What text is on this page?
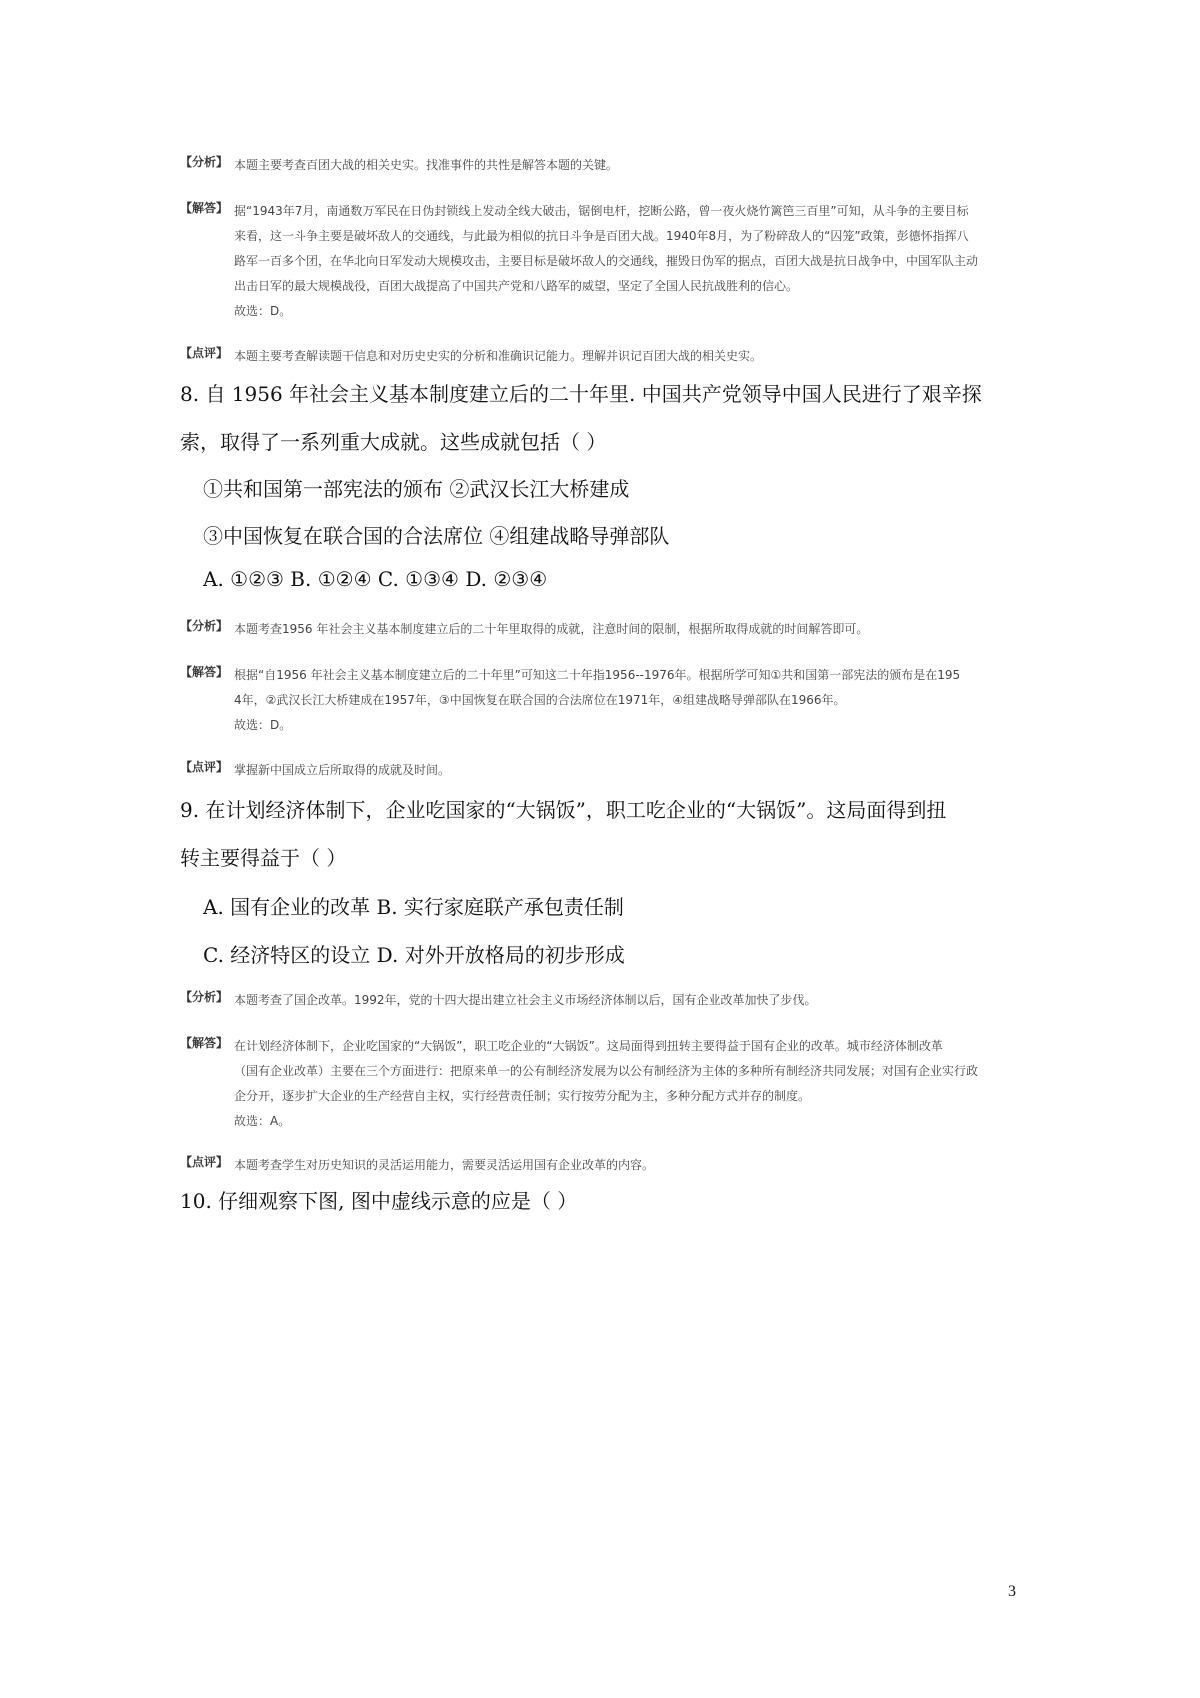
【分析】 本题主要考查百团大战的相关史实。找准事件的共性是解答本题的关键。
【解答】 据“1943年7月，南通数万军民在日伪封锁线上发动全线大破击，锯倒电杆，挖断公路，曾一夜火烧竹篱笆三百里”可知，从斗争的主要目标
来看，这一斗争主要是破坏敌人的交通线，与此最为相似的抗日斗争是百团大战。1940年8月，为了粉碎敌人的“囚笼”政策，彭德怀指挥八
路军一百多个团，在华北向日军发动大规模攻击，主要目标是破坏敌人的交通线，摧毁日伪军的据点，百团大战是抗日战争中，中国军队主动
出击日军的最大规模战役，百团大战提高了中国共产党和八路军的威望，坚定了全国人民抗战胜利的信心。
故选：D。
【点评】 本题主要考查解读题干信息和对历史史实的分析和准确识记能力。理解并识记百团大战的相关史实。
8. 自 1956 年社会主义基本制度建立后的二十年里. 中国共产党领导中国人民进行了艰辛探
索，取得了一系列重大成就。这些成就包括（ ）
①共和国第一部宪法的颁布 ②武汉长江大桥建成
③中国恢复在联合国的合法席位 ④组建战略导弹部队
A. ①②③ B. ①②④ C. ①③④ D. ②③④
【分析】 本题考查1956 年社会主义基本制度建立后的二十年里取得的成就，注意时间的限制，根据所取得成就的时间解答即可。
【解答】 根据“自1956 年社会主义基本制度建立后的二十年里”可知这二十年指1956--1976年。根据所学可知①共和国第一部宪法的颁布是在195
4年，②武汉长江大桥建成在1957年，③中国恢复在联合国的合法席位在1971年，④组建战略导弹部队在1966年。
故选：D。
【点评】 掌握新中国成立后所取得的成就及时间。
9. 在计划经济体制下，企业吃国家的“大锅饭”，职工吃企业的“大锅饭”。这局面得到扭
转主要得益于（ ）
A. 国有企业的改革 B. 实行家庭联产承包责任制
C. 经济特区的设立 D. 对外开放格局的初步形成
【分析】 本题考查了国企改革。1992年，党的十四大提出建立社会主义市场经济体制以后，国有企业改革加快了步伐。
【解答】 在计划经济体制下，企业吃国家的“大锅饭”，职工吃企业的“大锅饭”。这局面得到扭转主要得益于国有企业的改革。城市经济体制改革
（国有企业改革）主要在三个方面进行：把原来单一的公有制经济发展为以公有制经济为主体的多种所有制经济共同发展；对国有企业实行政
企分开，逐步扩大企业的生产经营自主权，实行经营责任制；实行按劳分配为主，多种分配方式并存的制度。
故选：A。
【点评】 本题考查学生对历史知识的灵活运用能力，需要灵活运用国有企业改革的内容。
10. 仔细观察下图, 图中虚线示意的应是（ ）
3
